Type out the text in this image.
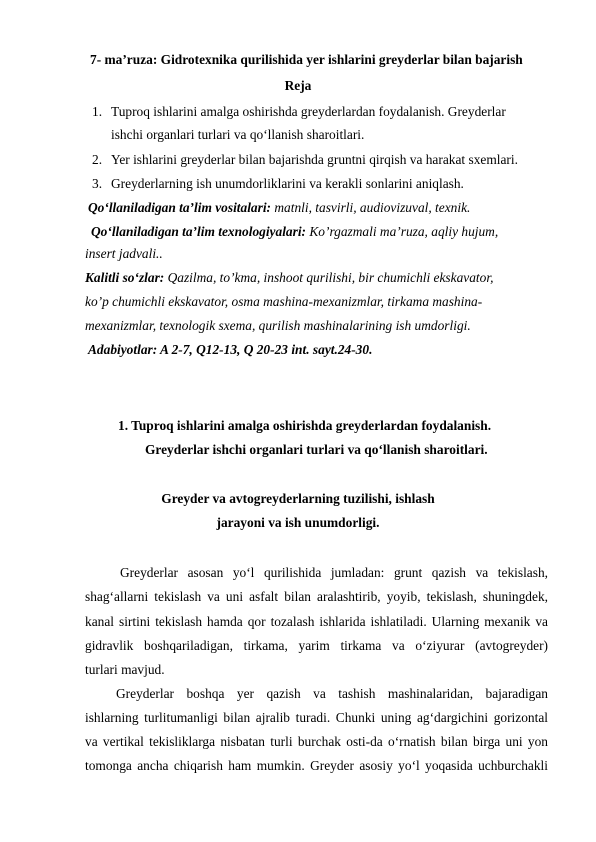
7- ma’ruza: Gidrotexnika qurilishida yer ishlarini greyderlar bilan bajarish
Reja
1. Tuproq ishlarini amalga oshirishda greyderlardan foydalanish. Greyderlar
ishchi organlari turlari va qo‘llanish sharoitlari.
2. Yer ishlarini greyderlar bilan bajarishda gruntni qirqish va harakat sxemlari.
3. Greyderlarning ish unumdorliklarini va kerakli sonlarini aniqlash.
Qo‘llaniladigan ta’lim vositalari: matnli, tasvirli, audiovizuval, texnik.
Qo‘llaniladigan ta’lim texnologiyalari: Ko’rgazmali ma’ruza, aqliy hujum,
insert jadvali..
Kalitli so‘zlar: Qazilma, to’kma, inshoot qurilishi, bir chumichli ekskavator,
ko’p chumichli ekskavator, osma mashina-mexanizmlar, tirkama mashina-
mexanizmlar, texnologik sxema, qurilish mashinalarining ish umdorligi.
Adabiyotlar: A 2-7, Q12-13, Q 20-23 int. sayt.24-30.
1. Tuproq ishlarini amalga oshirishda greyderlardan foydalanish.
Greyderlar ishchi organlari turlari va qo‘llanish sharoitlari.
Greyder va avtogreyderlarning tuzilishi, ishlash
jarayoni va ish unumdorligi.
Greyderlar asosan yo‘l qurilishida jumladan: grunt qazish va tekislash,
shag‘allarni tekislash va uni asfalt bilan aralashtirib, yoyib, tekislash, shuningdek,
kanal sirtini tekislash hamda qor tozalash ishlarida ishlatiladi. Ularning mexanik va
gidravlik boshqariladigan, tirkama, yarim tirkama va o‘ziyurar (avtogreyder)
turlari mavjud.
Greyderlar boshqa yer qazish va tashish mashinalaridan, bajaradigan
ishlarning turlitumanligi bilan ajralib turadi. Chunki uning ag‘dargichini gorizontal
va vertikal tekisliklarga nisbatan turli burchak osti-da o‘rnatish bilan birga uni yon
tomonga ancha chiqarish ham mumkin. Greyder asosiy yo‘l yoqasida uchburchakli
